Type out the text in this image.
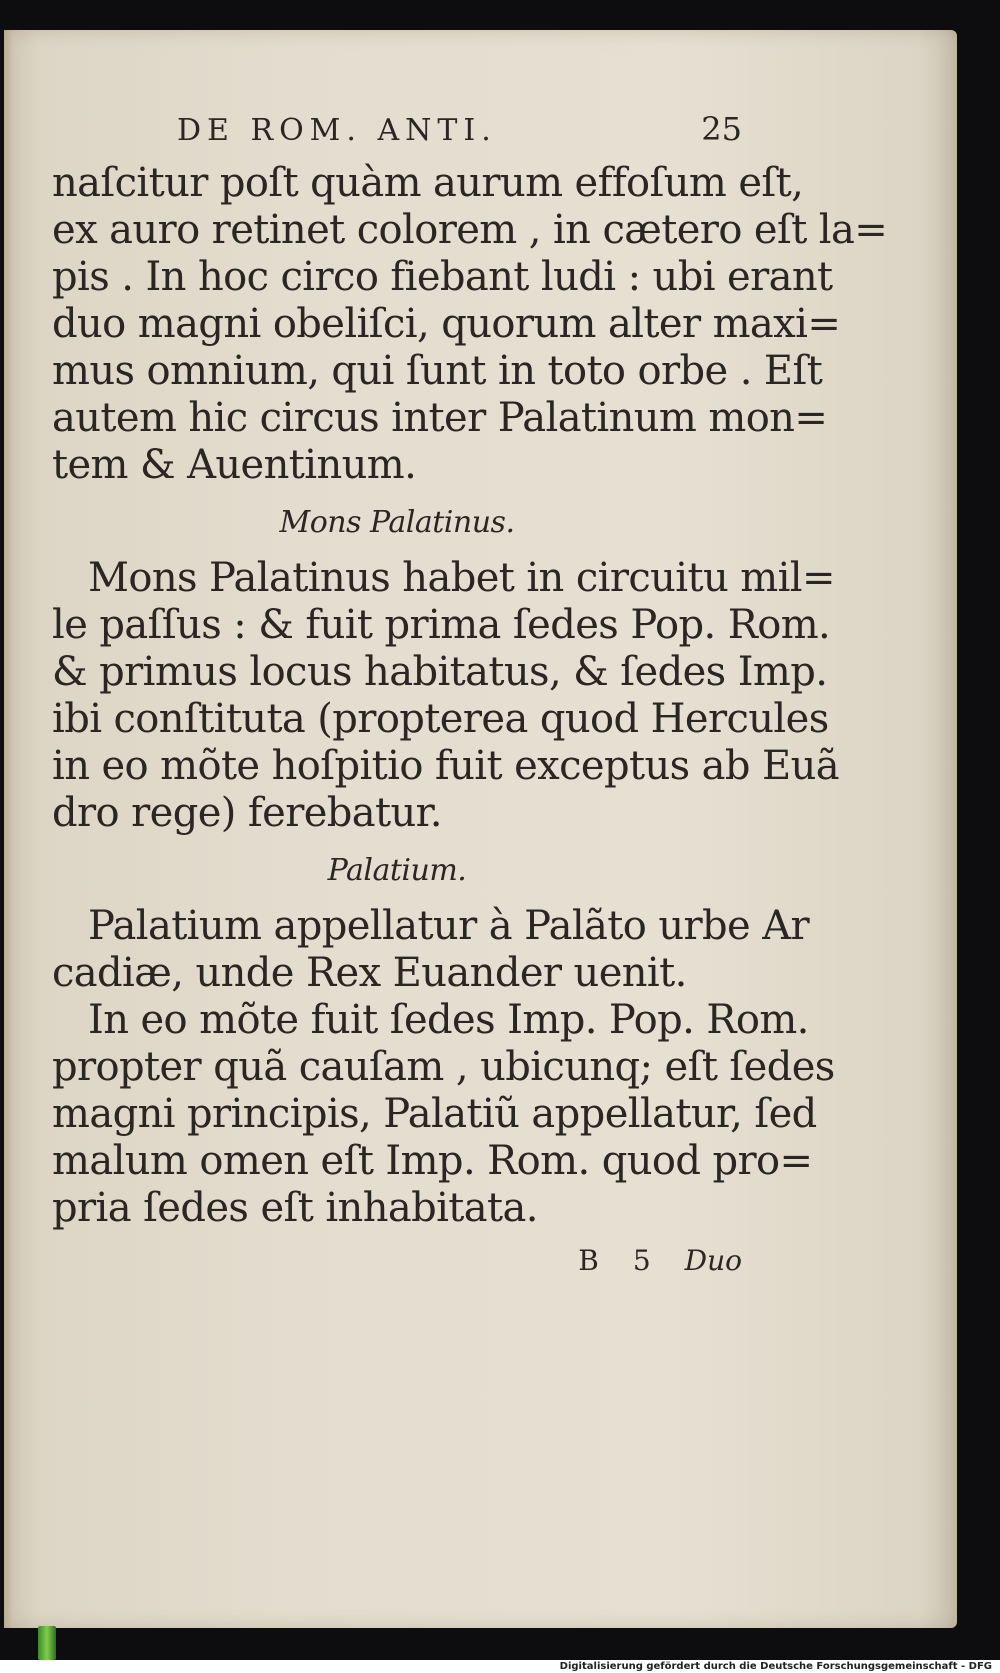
DE ROM. ANTI.	25
naſcitur poſt quàm aurum effoſum eſt,
ex auro retinet colorem , in cætero eſt la=
pis . In hoc circo fiebant ludi : ubi erant
duo magni obeliſci, quorum alter maxi=
mus omnium, qui ſunt in toto orbe . Eſt
autem hic circus inter Palatinum mon=
tem & Auentinum.
Mons Palatinus.
Mons Palatinus habet in circuitu mil=
le paſſus : & fuit prima ſedes Pop. Rom.
& primus locus habitatus, & ſedes Imp.
ibi conſtituta (propterea quod Hercules
in eo mõte hoſpitio fuit exceptus ab Euã
dro rege) ferebatur.
Palatium.
Palatium appellatur à Palãto urbe Ar
cadiæ, unde Rex Euander uenit.
In eo mõte fuit ſedes Imp. Pop. Rom.
propter quã cauſam , ubicunq; eſt ſedes
magni principis, Palatiũ appellatur, ſed
malum omen eſt Imp. Rom. quod pro=
pria ſedes eſt inhabitata.
B 5 Duo
Digitalisierung gefördert durch die Deutsche Forschungsgemeinschaft - DFG
